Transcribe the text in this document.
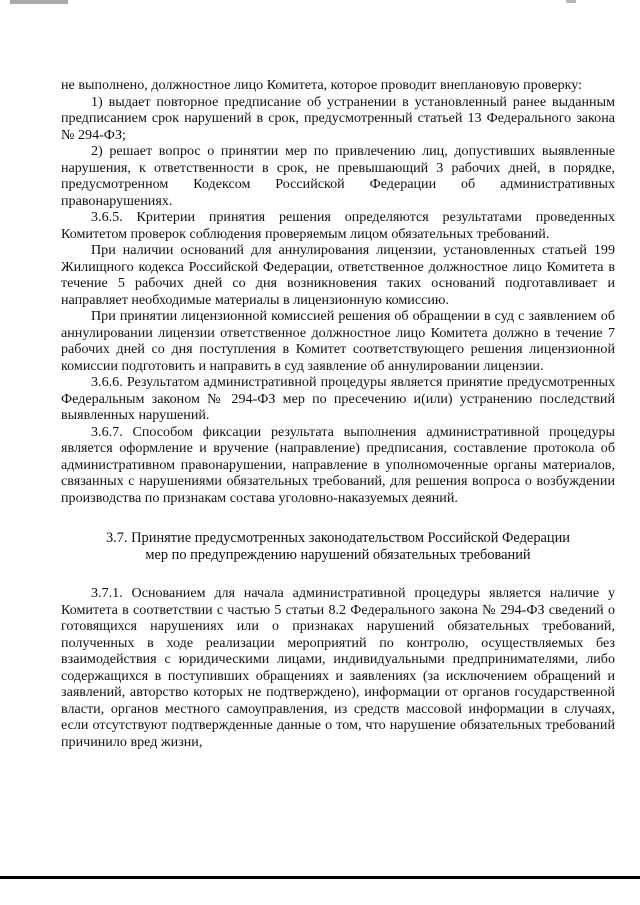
не выполнено, должностное лицо Комитета, которое проводит внеплановую проверку:

1) выдает повторное предписание об устранении в установленный ранее выданным предписанием срок нарушений в срок, предусмотренный статьей 13 Федерального закона № 294-ФЗ;

2) решает вопрос о принятии мер по привлечению лиц, допустивших выявленные нарушения, к ответственности в срок, не превышающий 3 рабочих дней, в порядке, предусмотренном Кодексом Российской Федерации об административных правонарушениях.

3.6.5. Критерии принятия решения определяются результатами проведенных Комитетом проверок соблюдения проверяемым лицом обязательных требований.

При наличии оснований для аннулирования лицензии, установленных статьей 199 Жилищного кодекса Российской Федерации, ответственное должностное лицо Комитета в течение 5 рабочих дней со дня возникновения таких оснований подготавливает и направляет необходимые материалы в лицензионную комиссию.

При принятии лицензионной комиссией решения об обращении в суд с заявлением об аннулировании лицензии ответственное должностное лицо Комитета должно в течение 7 рабочих дней со дня поступления в Комитет соответствующего решения лицензионной комиссии подготовить и направить в суд заявление об аннулировании лицензии.

3.6.6. Результатом административной процедуры является принятие предусмотренных Федеральным законом № 294-ФЗ мер по пресечению и(или) устранению последствий выявленных нарушений.

3.6.7. Способом фиксации результата выполнения административной процедуры является оформление и вручение (направление) предписания, составление протокола об административном правонарушении, направление в уполномоченные органы материалов, связанных с нарушениями обязательных требований, для решения вопроса о возбуждении производства по признакам состава уголовно-наказуемых деяний.

3.7. Принятие предусмотренных законодательством Российской Федерации
мер по предупреждению нарушений обязательных требований

3.7.1. Основанием для начала административной процедуры является наличие у Комитета в соответствии с частью 5 статьи 8.2 Федерального закона № 294-ФЗ сведений о готовящихся нарушениях или о признаках нарушений обязательных требований, полученных в ходе реализации мероприятий по контролю, осуществляемых без взаимодействия с юридическими лицами, индивидуальными предпринимателями, либо содержащихся в поступивших обращениях и заявлениях (за исключением обращений и заявлений, авторство которых не подтверждено), информации от органов государственной власти, органов местного самоуправления, из средств массовой информации в случаях, если отсутствуют подтвержденные данные о том, что нарушение обязательных требований причинило вред жизни,
